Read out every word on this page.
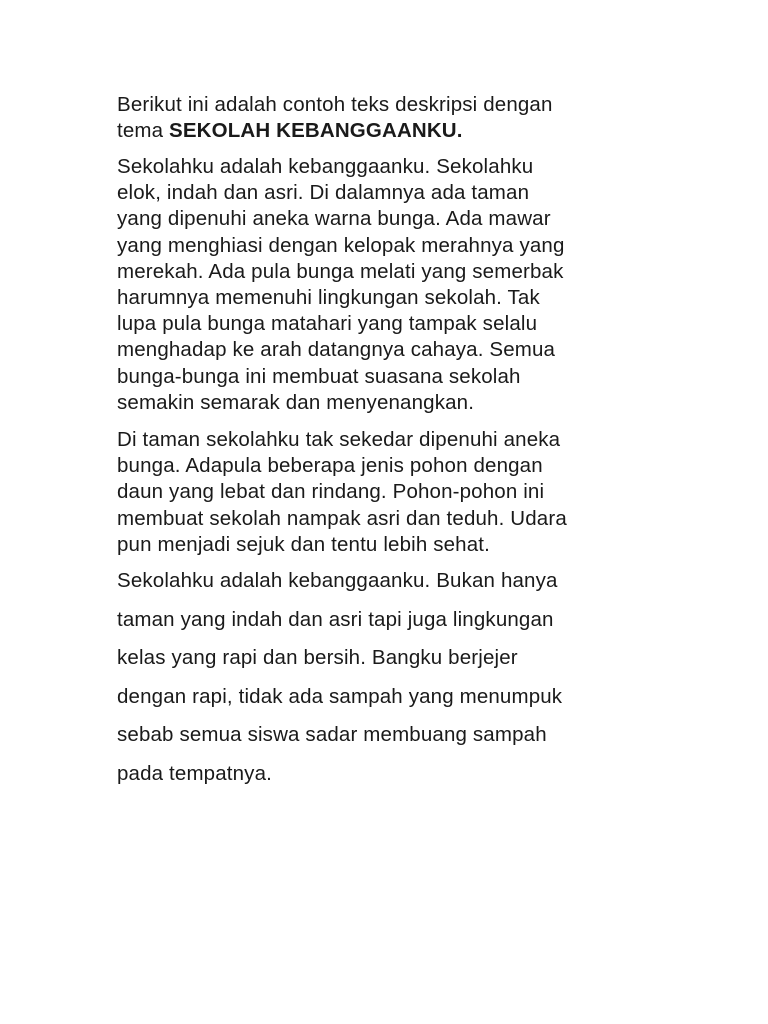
Berikut ini adalah contoh teks deskripsi dengan
tema SEKOLAH KEBANGGAANKU.

Sekolahku adalah kebanggaanku. Sekolahku
elok, indah dan asri. Di dalamnya ada taman
yang dipenuhi aneka warna bunga. Ada mawar
yang menghiasi dengan kelopak merahnya yang
merekah. Ada pula bunga melati yang semerbak
harumnya memenuhi lingkungan sekolah. Tak
lupa pula bunga matahari yang tampak selalu
menghadap ke arah datangnya cahaya. Semua
bunga-bunga ini membuat suasana sekolah
semakin semarak dan menyenangkan.

Di taman sekolahku tak sekedar dipenuhi aneka
bunga. Adapula beberapa jenis pohon dengan
daun yang lebat dan rindang. Pohon-pohon ini
membuat sekolah nampak asri dan teduh. Udara
pun menjadi sejuk dan tentu lebih sehat.

Sekolahku adalah kebanggaanku. Bukan hanya
taman yang indah dan asri tapi juga lingkungan
kelas yang rapi dan bersih. Bangku berjejer
dengan rapi, tidak ada sampah yang menumpuk
sebab semua siswa sadar membuang sampah
pada tempatnya.
